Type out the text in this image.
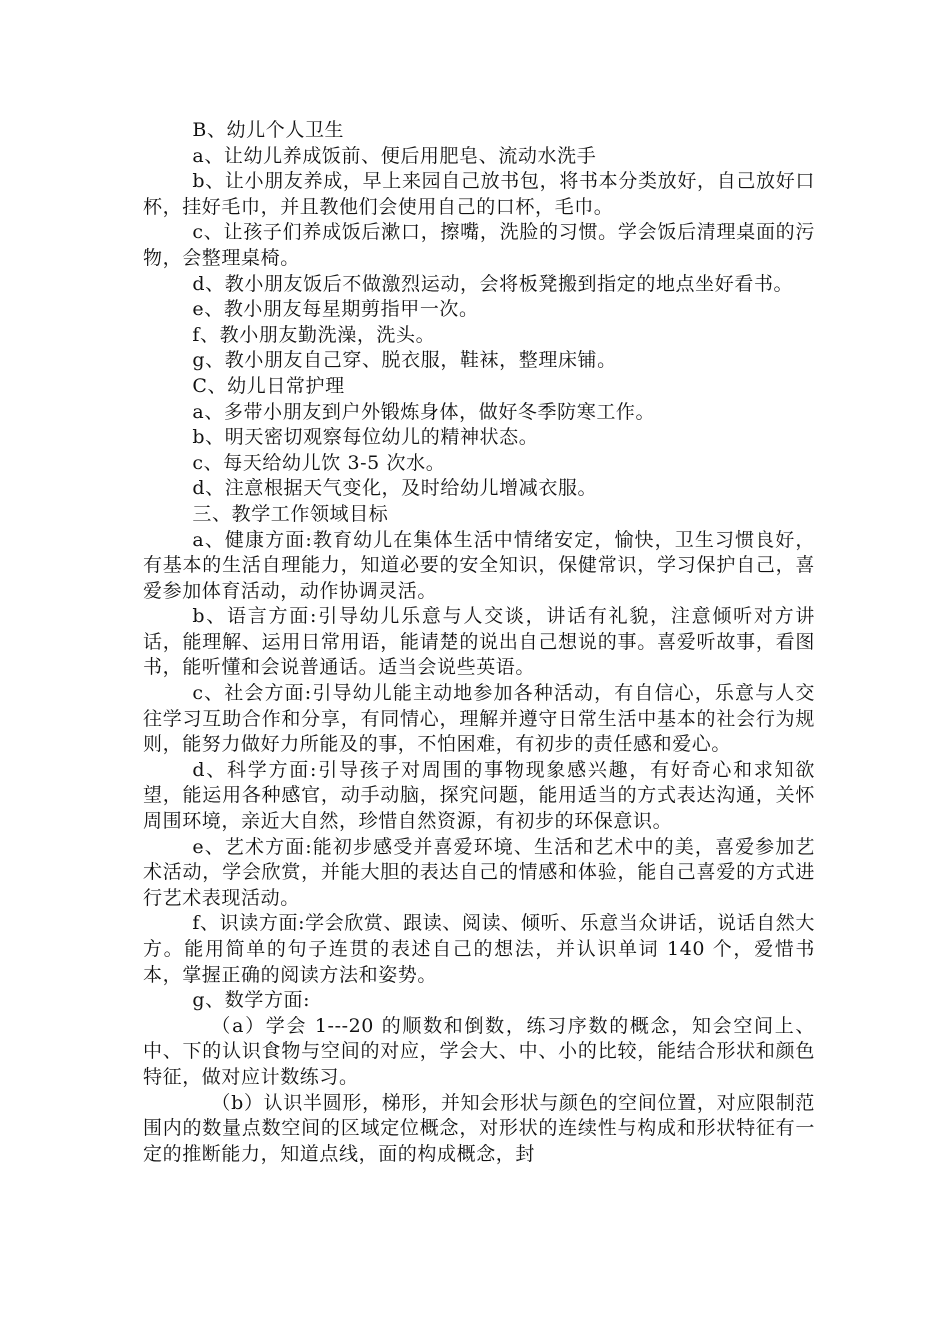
B、幼儿个人卫生

a、让幼儿养成饭前、便后用肥皂、流动水洗手

b、让小朋友养成，早上来园自己放书包，将书本分类放好，自己放好口杯，挂好毛巾，并且教他们会使用自己的口杯，毛巾。

c、让孩子们养成饭后漱口，擦嘴，洗脸的习惯。学会饭后清理桌面的污物，会整理桌椅。

d、教小朋友饭后不做激烈运动，会将板凳搬到指定的地点坐好看书。

e、教小朋友每星期剪指甲一次。

f、教小朋友勤洗澡，洗头。

g、教小朋友自己穿、脱衣服，鞋袜，整理床铺。

C、幼儿日常护理

a、多带小朋友到户外锻炼身体，做好冬季防寒工作。

b、明天密切观察每位幼儿的精神状态。

c、每天给幼儿饮 3-5 次水。

d、注意根据天气变化，及时给幼儿增减衣服。

三、教学工作领域目标

a、健康方面:教育幼儿在集体生活中情绪安定，愉快，卫生习惯良好，有基本的生活自理能力，知道必要的安全知识，保健常识，学习保护自己，喜爱参加体育活动，动作协调灵活。

b、语言方面:引导幼儿乐意与人交谈，讲话有礼貌，注意倾听对方讲话，能理解、运用日常用语，能请楚的说出自己想说的事。喜爱听故事，看图书，能听懂和会说普通话。适当会说些英语。

c、社会方面:引导幼儿能主动地参加各种活动，有自信心，乐意与人交往学习互助合作和分享，有同情心，理解并遵守日常生活中基本的社会行为规则，能努力做好力所能及的事，不怕困难，有初步的责任感和爱心。

d、科学方面:引导孩子对周围的事物现象感兴趣，有好奇心和求知欲望，能运用各种感官，动手动脑，探究问题，能用适当的方式表达沟通，关怀周围环境，亲近大自然，珍惜自然资源，有初步的环保意识。

e、艺术方面:能初步感受并喜爱环境、生活和艺术中的美，喜爱参加艺术活动，学会欣赏，并能大胆的表达自己的情感和体验，能自己喜爱的方式进行艺术表现活动。

f、识读方面:学会欣赏、跟读、阅读、倾听、乐意当众讲话，说话自然大方。能用简单的句子连贯的表述自己的想法，并认识单词 140 个，爱惜书本，掌握正确的阅读方法和姿势。

g、数学方面:

（a）学会 1---20 的顺数和倒数，练习序数的概念，知会空间上、中、下的认识食物与空间的对应，学会大、中、小的比较，能结合形状和颜色特征，做对应计数练习。

（b）认识半圆形，梯形，并知会形状与颜色的空间位置，对应限制范围内的数量点数空间的区域定位概念，对形状的连续性与构成和形状特征有一定的推断能力，知道点线，面的构成概念，封
